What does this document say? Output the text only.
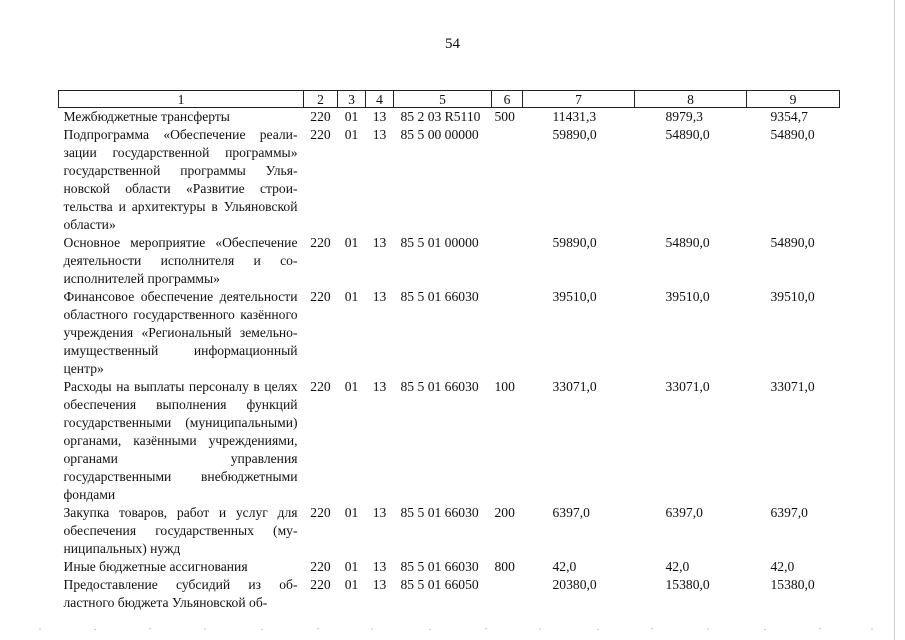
54
1	2	3	4	5	6	7	8	9
Межбюджетные трансферты	220	01	13	85 2 03 R5110	500	11431,3	8979,3	9354,7
Подпрограмма «Обеспечение реализации государственной программы» государственной программы Ульяновской области «Развитие строительства и архитектуры в Ульяновской области»	220	01	13	85 5 00 00000		59890,0	54890,0	54890,0
Основное мероприятие «Обеспечение деятельности исполнителя и соисполнителей программы»	220	01	13	85 5 01 00000		59890,0	54890,0	54890,0
Финансовое обеспечение деятельности областного государственного казённого учреждения «Региональный земельно-имущественный информационный центр»	220	01	13	85 5 01 66030		39510,0	39510,0	39510,0
Расходы на выплаты персоналу в целях обеспечения выполнения функций государственными (муниципальными) органами, казёнными учреждениями, органами управления государственными внебюджетными фондами	220	01	13	85 5 01 66030	100	33071,0	33071,0	33071,0
Закупка товаров, работ и услуг для обеспечения государственных (муниципальных) нужд	220	01	13	85 5 01 66030	200	6397,0	6397,0	6397,0
Иные бюджетные ассигнования	220	01	13	85 5 01 66030	800	42,0	42,0	42,0
Предоставление субсидий из областного бюджета Ульяновской об-	220	01	13	85 5 01 66050		20380,0	15380,0	15380,0
